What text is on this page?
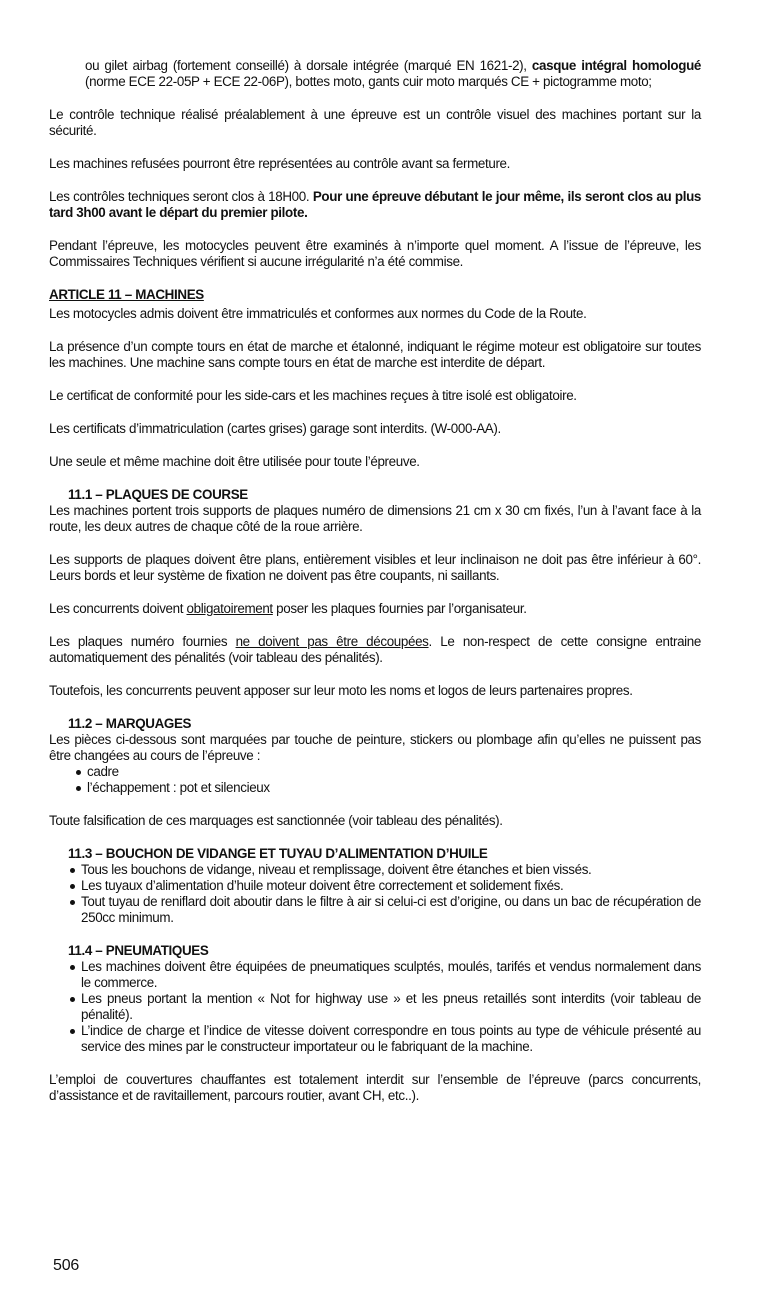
ou gilet airbag (fortement conseillé) à dorsale intégrée (marqué EN 1621-2), casque intégral homologué (norme ECE 22-05P + ECE 22-06P), bottes moto, gants cuir moto marqués CE + pictogramme moto;

Le contrôle technique réalisé préalablement à une épreuve est un contrôle visuel des machines portant sur la sécurité.

Les machines refusées pourront être représentées au contrôle avant sa fermeture.

Les contrôles techniques seront clos à 18H00. Pour une épreuve débutant le jour même, ils seront clos au plus tard 3h00 avant le départ du premier pilote.

Pendant l’épreuve, les motocycles peuvent être examinés à n’importe quel moment. A l’issue de l’épreuve, les Commissaires Techniques vérifient si aucune irrégularité n’a été commise.

ARTICLE 11 – MACHINES

Les motocycles admis doivent être immatriculés et conformes aux normes du Code de la Route.

La présence d’un compte tours en état de marche et étalonné, indiquant le régime moteur est obligatoire sur toutes les machines. Une machine sans compte tours en état de marche est interdite de départ.

Le certificat de conformité pour les side-cars et les machines reçues à titre isolé est obligatoire.

Les certificats d’immatriculation (cartes grises) garage sont interdits. (W-000-AA).

Une seule et même machine doit être utilisée pour toute l’épreuve.

11.1 – PLAQUES DE COURSE

Les machines portent trois supports de plaques numéro de dimensions 21 cm x 30 cm fixés, l’un à l’avant face à la route, les deux autres de chaque côté de la roue arrière.

Les supports de plaques doivent être plans, entièrement visibles et leur inclinaison ne doit pas être inférieur à 60°. Leurs bords et leur système de fixation ne doivent pas être coupants, ni saillants.

Les concurrents doivent obligatoirement poser les plaques fournies par l’organisateur.

Les plaques numéro fournies ne doivent pas être découpées. Le non-respect de cette consigne entraine automatiquement des pénalités (voir tableau des pénalités).

Toutefois, les concurrents peuvent apposer sur leur moto les noms et logos de leurs partenaires propres.

11.2 – MARQUAGES

Les pièces ci-dessous sont marquées par touche de peinture, stickers ou plombage afin qu’elles ne puissent pas être changées au cours de l’épreuve :

cadre
l’échappement : pot et silencieux

Toute falsification de ces marquages est sanctionnée (voir tableau des pénalités).

11.3 – BOUCHON DE VIDANGE ET TUYAU D’ALIMENTATION D’HUILE
Tous les bouchons de vidange, niveau et remplissage, doivent être étanches et bien vissés.
Les tuyaux d’alimentation d’huile moteur doivent être correctement et solidement fixés.
Tout tuyau de reniflard doit aboutir dans le filtre à air si celui-ci est d’origine, ou dans un bac de récupération de 250cc minimum.
11.4 – PNEUMATIQUES
Les machines doivent être équipées de pneumatiques sculptés, moulés, tarifés et vendus normalement dans le commerce.
Les pneus portant la mention « Not for highway use » et les pneus retaillés sont interdits (voir tableau de pénalité).
L’indice de charge et l’indice de vitesse doivent correspondre en tous points au type de véhicule présenté au service des mines par le constructeur importateur ou le fabriquant de la machine.

L’emploi de couvertures chauffantes est totalement interdit sur l’ensemble de l’épreuve (parcs concurrents, d’assistance et de ravitaillement, parcours routier, avant CH, etc..).

506
